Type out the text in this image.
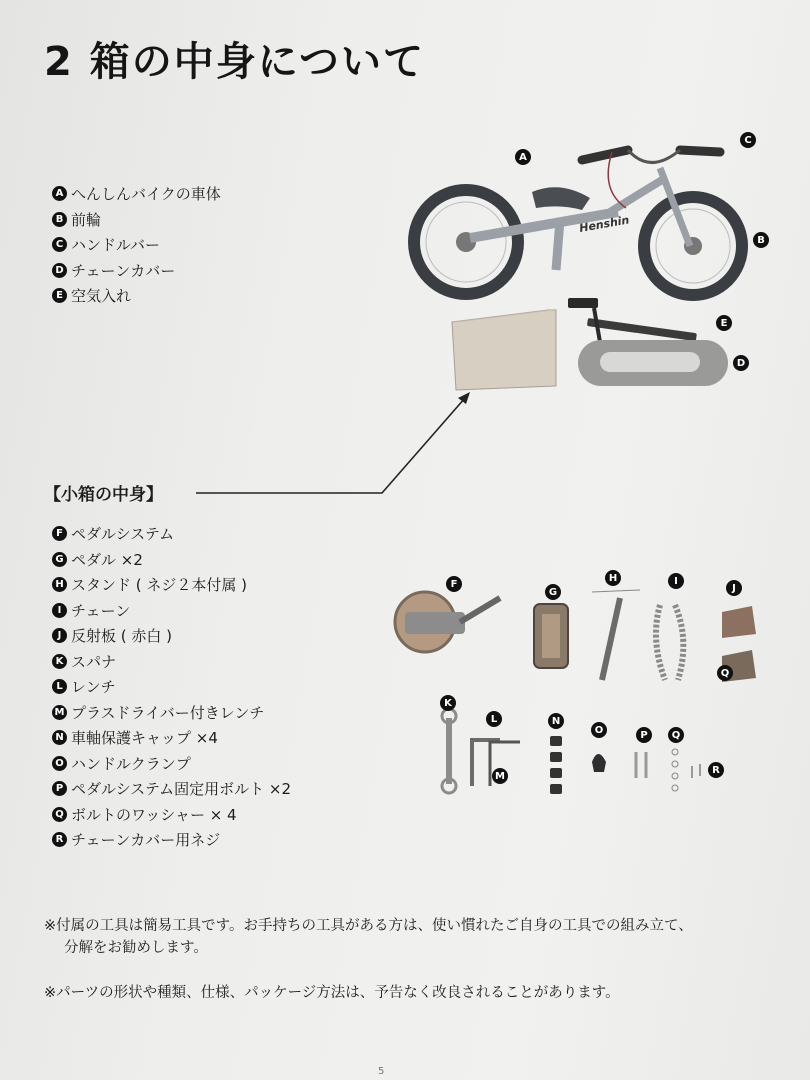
2 箱の中身について
A へんしんバイクの車体
B 前輪
C ハンドルバー
D チェーンカバー
E 空気入れ
【小箱の中身】
F ペダルシステム
G ペダル ×2
H スタンド ( ネジ２本付属 )
I チェーン
J 反射板 ( 赤白 )
K スパナ
L レンチ
M プラスドライバー付きレンチ
N 車軸保護キャップ ×4
O ハンドルクランプ
P ペダルシステム固定用ボルト ×2
Q ボルトのワッシャー × 4
R チェーンカバー用ネジ
Henshin
A
B
C
D
E
F
G
H	I
J
K
L
M
N
O	P	Q
Q
R
※付属の工具は簡易工具です。お手持ちの工具がある方は、使い慣れたご自身の工具での組み立て、
分解をお勧めします。
※パーツの形状や種類、仕様、パッケージ方法は、予告なく改良されることがあります。
5
